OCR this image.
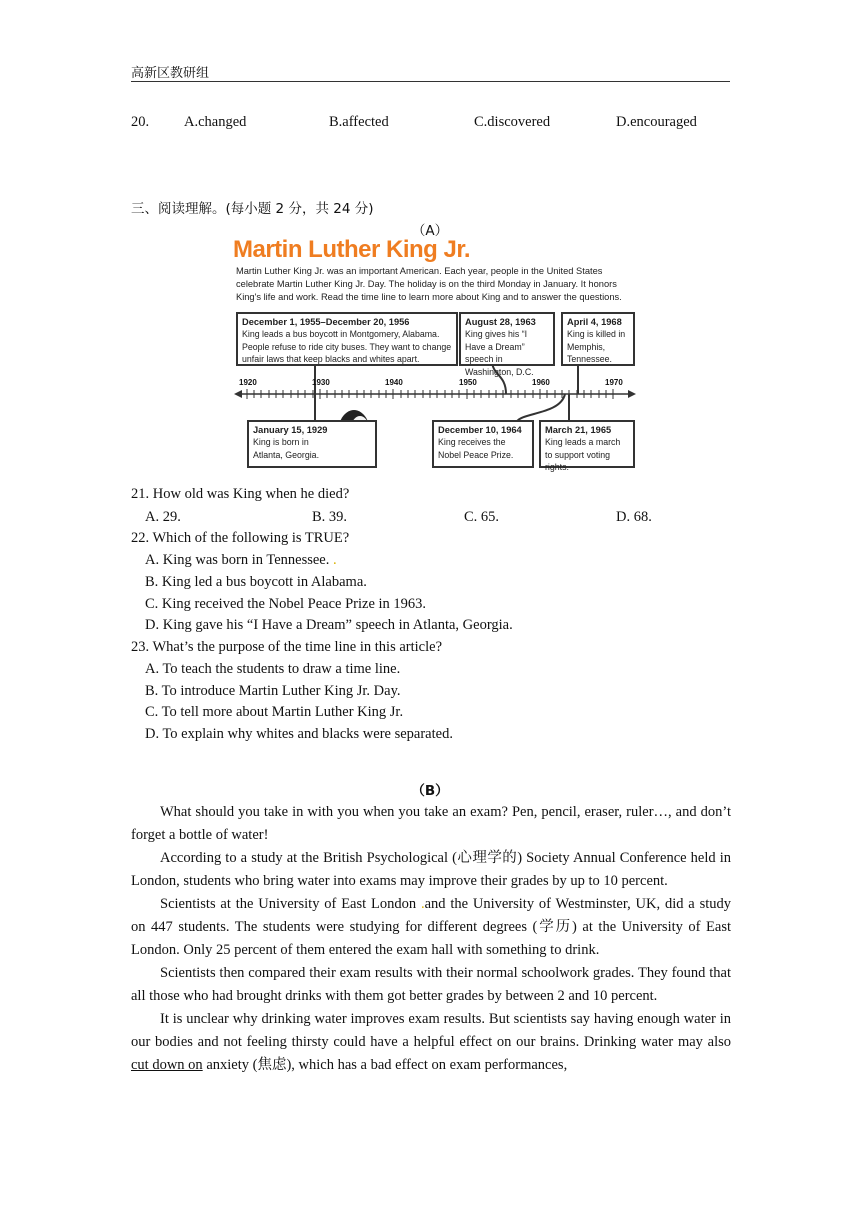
高新区教研组
20. A.changed	B.affected	C.discovered	D.encouraged
三、阅读理解。(每小题 2 分，共 24 分)
（A）
Martin Luther King Jr.
Martin Luther King Jr. was an important American. Each year, people in the United States celebrate Martin Luther King Jr. Day. The holiday is on the third Monday in January. It honors King's life and work. Read the time line to learn more about King and to answer the questions.
1920	1930	1940	1950	1960	1970
December 1, 1955–December 20, 1956
King leads a bus boycott in Montgomery, Alabama. People refuse to ride city buses. They want to change unfair laws that keep blacks and whites apart.
August 28, 1963
King gives his “I Have a Dream” speech in Washington, D.C.
April 4, 1968
King is killed in Memphis, Tennessee.
January 15, 1929
King is born in Atlanta, Georgia.
December 10, 1964
King receives the Nobel Peace Prize.
March 21, 1965
King leads a march to support voting rights.
21. How old was King when he died?
A. 29.	B. 39.	C. 65.	D. 68.
22. Which of the following is TRUE?
A. King was born in Tennessee. .
B. King led a bus boycott in Alabama.
C. King received the Nobel Peace Prize in 1963.
D. King gave his “I Have a Dream” speech in Atlanta, Georgia.
23. What’s the purpose of the time line in this article?
A. To teach the students to draw a time line.
B. To introduce Martin Luther King Jr. Day.
C. To tell more about Martin Luther King Jr.
D. To explain why whites and blacks were separated.
（B）

What should you take in with you when you take an exam? Pen, pencil, eraser, ruler…, and don’t forget a bottle of water!

According to a study at the British Psychological (心理学的) Society Annual Conference held in London, students who bring water into exams may improve their grades by up to 10 percent.

Scientists at the University of East London .and the University of Westminster, UK, did a study on 447 students. The students were studying for different degrees (学历) at the University of East London. Only 25 percent of them entered the exam hall with something to drink.

Scientists then compared their exam results with their normal schoolwork grades. They found that all those who had brought drinks with them got better grades by between 2 and 10 percent.

It is unclear why drinking water improves exam results. But scientists say having enough water in our bodies and not feeling thirsty could have a helpful effect on our brains. Drinking water may also cut down on anxiety (焦虑), which has a bad effect on exam performances,
